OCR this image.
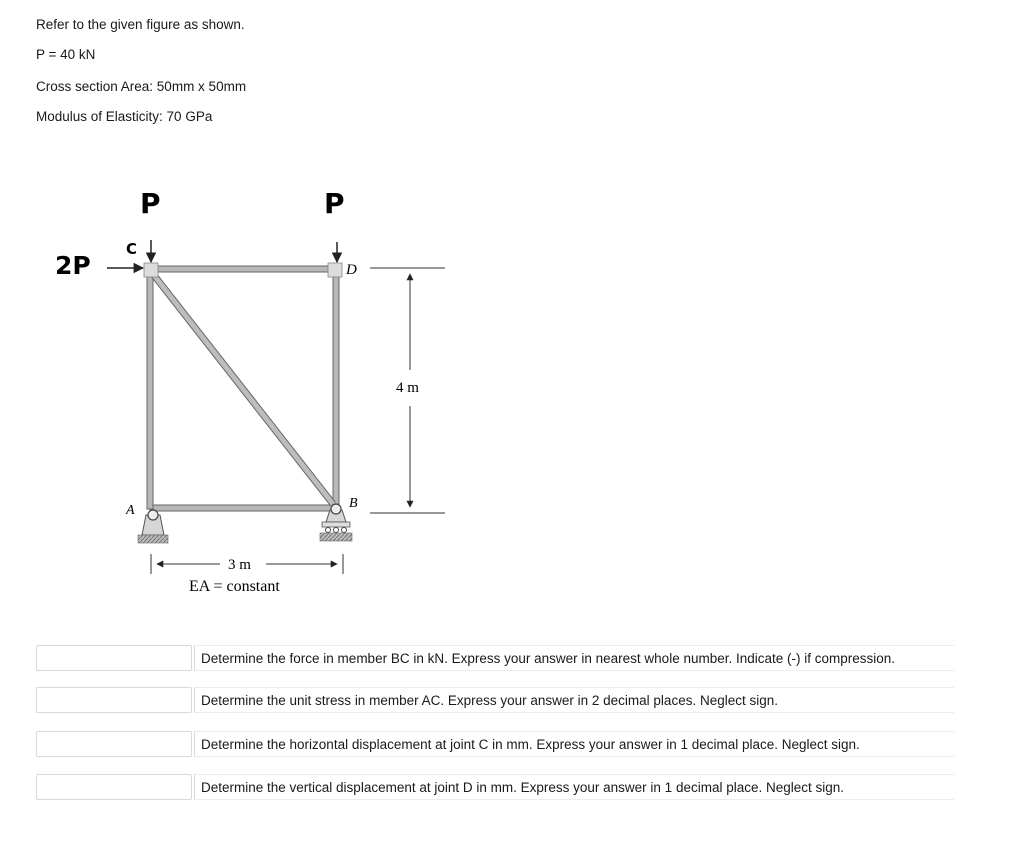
Refer to the given figure as shown.
P = 40 kN
Cross section Area: 50mm x 50mm
Modulus of Elasticity: 70 GPa
P	P
2P
C
D
A	B
4 m
3 m
EA = constant
Determine the force in member BC in kN. Express your answer in nearest whole number. Indicate (-) if compression.
Determine the unit stress in member AC. Express your answer in 2 decimal places. Neglect sign.
Determine the horizontal displacement at joint C in mm. Express your answer in 1 decimal place. Neglect sign.
Determine the vertical displacement at joint D in mm. Express your answer in 1 decimal place. Neglect sign.
